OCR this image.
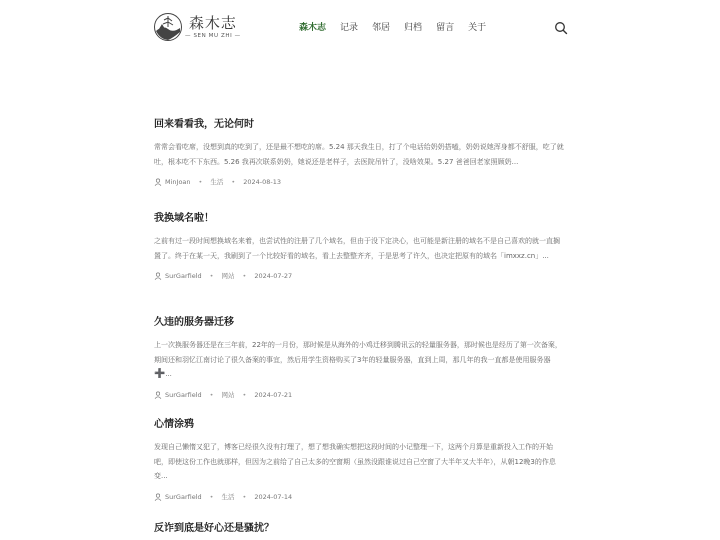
森木志
— SEN MU ZHI —
森木志 记录 邻居 归档 留言 关于
回来看看我，无论何时
常常会看吃席，没想到真的吃到了，还是最不想吃的席。5.24 那天我生日，打了个电话给奶奶搭嗑，奶奶说她浑身都不舒服，吃了就吐，根本吃不下东西。5.26 我再次联系奶奶，她说还是老样子，去医院吊针了，没啥效果。5.27 爸爸回老家照顾奶...
MinJoan • 生活 • 2024-08-13
我换域名啦！
之前有过一段时间想换域名来着，也尝试性的注册了几个域名，但由于没下定决心，也可能是新注册的域名不是自己喜欢的就一直搁置了。终于在某一天，我刷到了一个比较好看的域名，看上去整整齐齐，于是思考了许久，也决定把原有的域名「imxxz.cn」...
SurGarfield • 网站 • 2024-07-27
久违的服务器迁移
上一次换服务器还是在三年前，22年的一月份，那时候是从海外的小鸡迁移到腾讯云的轻量服务器，那时候也是经历了第一次备案，期间还和羽忆江南讨论了很久备案的事宜，然后用学生资格购买了3年的轻量服务器，直到上周，那几年的我一直都是使用服务器➕...
SurGarfield • 网站 • 2024-07-21
心情涂鸦
发现自己懒惰又犯了，博客已经很久没有打理了，想了想我确实想把这段时间的小记整理一下，这两个月算是重新投入工作的开始吧，即使这份工作也就那样，但因为之前给了自己太多的空窗期（虽然没跟谁说过自己空窗了大半年又大半年），从朝12晚3的作息变...
SurGarfield • 生活 • 2024-07-14
反诈到底是好心还是骚扰？
